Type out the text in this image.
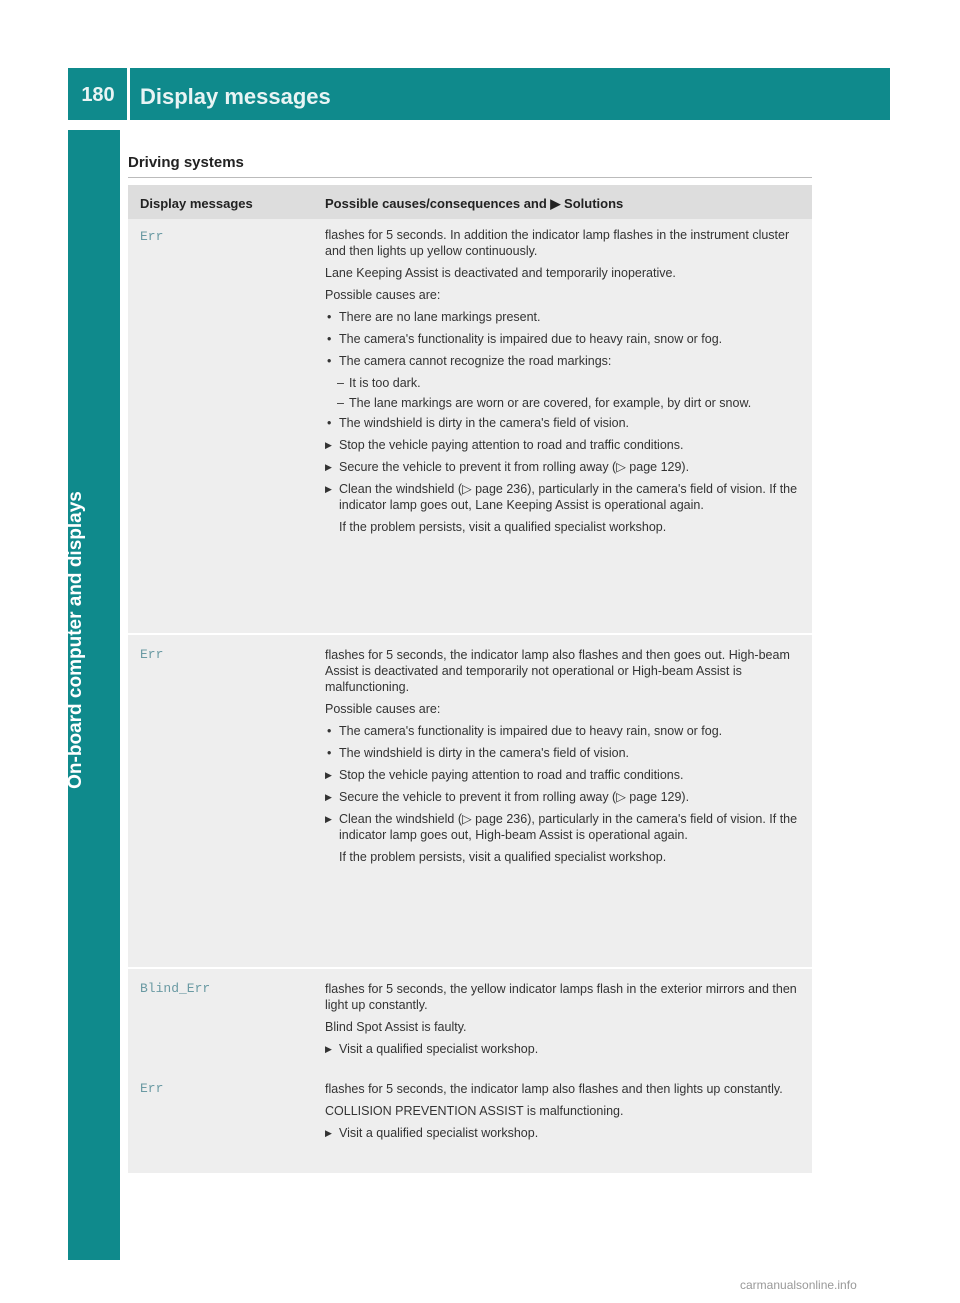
180	Display messages
On-board computer and displays
Driving systems
Display messages	Possible causes/consequences and ▶ Solutions
Err	flashes for 5 seconds. In addition the indicator lamp flashes in the instrument cluster and then lights up yellow continuously.
Lane Keeping Assist is deactivated and temporarily inoperative.
Possible causes are:
• There are no lane markings present.
• The camera's functionality is impaired due to heavy rain, snow or fog.
• The camera cannot recognize the road markings:
– It is too dark.
– The lane markings are worn or are covered, for example, by dirt or snow.
• The windshield is dirty in the camera's field of vision.
▶ Stop the vehicle paying attention to road and traffic conditions.
▶ Secure the vehicle to prevent it from rolling away (▷ page 129).
▶ Clean the windshield (▷ page 236), particularly in the camera's field of vision. If the indicator lamp goes out, Lane Keeping Assist is operational again.
If the problem persists, visit a qualified specialist workshop.
Err	flashes for 5 seconds, the indicator lamp also flashes and then goes out. High-beam Assist is deactivated and temporarily not operational or High-beam Assist is malfunctioning.
Possible causes are:
• The camera's functionality is impaired due to heavy rain, snow or fog.
• The windshield is dirty in the camera's field of vision.
▶ Stop the vehicle paying attention to road and traffic conditions.
▶ Secure the vehicle to prevent it from rolling away (▷ page 129).
▶ Clean the windshield (▷ page 236), particularly in the camera's field of vision. If the indicator lamp goes out, High-beam Assist is operational again.
If the problem persists, visit a qualified specialist workshop.
Blind_Err	flashes for 5 seconds, the yellow indicator lamps flash in the exterior mirrors and then light up constantly.
Blind Spot Assist is faulty.
▶ Visit a qualified specialist workshop.
Err	flashes for 5 seconds, the indicator lamp also flashes and then lights up constantly.
COLLISION PREVENTION ASSIST is malfunctioning.
▶ Visit a qualified specialist workshop.
carmanualsonline.info
